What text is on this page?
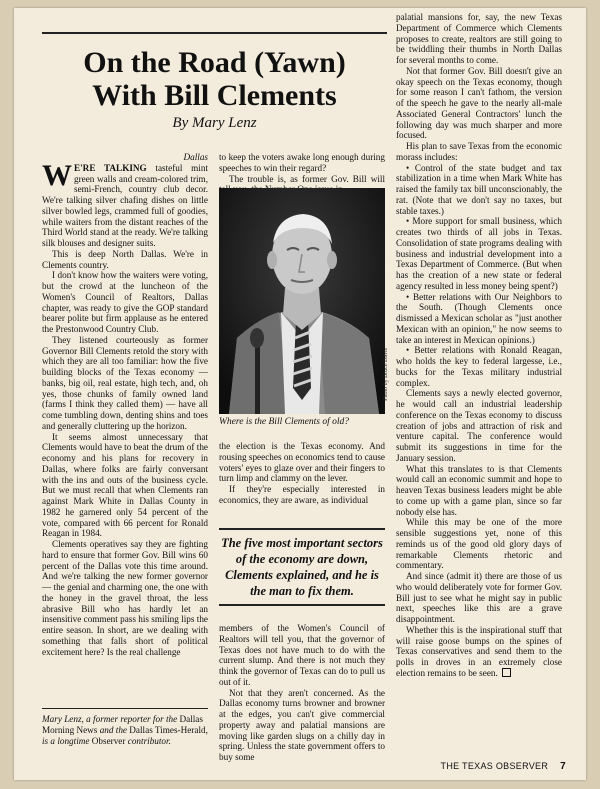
On the Road (Yawn)
With Bill Clements
By Mary Lenz

Dallas

W E'RE TALKING tasteful mint green walls and cream-colored trim, semi-French, country club decor. We're talking silver chafing dishes on little silver bowled legs, crammed full of goodies, while waiters from the distant reaches of the Third World stand at the ready. We're talking silk blouses and designer suits.

This is deep North Dallas. We're in Clements country.

I don't know how the waiters were voting, but the crowd at the luncheon of the Women's Council of Realtors, Dallas chapter, was ready to give the GOP standard bearer polite but firm applause as he entered the Prestonwood Country Club.

They listened courteously as former Governor Bill Clements retold the story with which they are all too familiar: how the five building blocks of the Texas economy — banks, big oil, real estate, high tech, and, oh yes, those chunks of family owned land (farms I think they called them) — have all come tumbling down, denting shins and toes and generally cluttering up the horizon.

It seems almost unnecessary that Clements would have to beat the drum of the economy and his plans for recovery in Dallas, where folks are fairly conversant with the ins and outs of the business cycle. But we must recall that when Clements ran against Mark White in Dallas County in 1982 he garnered only 54 percent of the vote, compared with 66 percent for Ronald Reagan in 1984.

Clements operatives say they are fighting hard to ensure that former Gov. Bill wins 60 percent of the Dallas vote this time around. And we're talking the new former governor — the genial and charming one, the one with the honey in the gravel throat, the less abrasive Bill who has hardly let an insensitive comment pass his smiling lips the entire season. In short, are we dealing with something that falls short of political excitement here? Is the real challenge

Mary Lenz, a former reporter for the Dallas Morning News and the Dallas Times-Herald, is a longtime Observer contributor.

to keep the voters awake long enough during speeches to win their regard?

The trouble is, as former Gov. Bill will

Photo by Bruce Davis
Where is the Bill Clements of old?

the election is the Texas economy. And rousing speeches on economics tend to cause voters' eyes to glaze over and their fingers to turn limp and clammy on the lever.

If they're especially interested in economics, they are aware, as individual

The five most important sectors of the economy are down, Clements explained, and he is the man to fix them.

members of the Women's Council of Realtors will tell you, that the governor of Texas does not have much to do with the current slump. And there is not much they think the governor of Texas can do to pull us out of it.

Not that they aren't concerned. As the Dallas economy turns browner and browner at the edges, you can't give commercial property away and palatial mansions are moving like garden slugs on a chilly day in spring. Unless the state government offers to buy some

palatial mansions for, say, the new Texas Department of Commerce which Clements proposes to create, realtors are still going to be twiddling their thumbs in North Dallas for several months to come.

Not that former Gov. Bill doesn't give an okay speech on the Texas economy, though for some reason I can't fathom, the version of the speech he gave to the nearly all-male Associated General Contractors' lunch the following day was much sharper and more focused.

His plan to save Texas from the economic morass includes:

• Control of the state budget and tax stabilization in a time when Mark White has raised the family tax bill unconscionably, the rat. (Note that we don't say no taxes, but stable taxes.)

• More support for small business, which creates two thirds of all jobs in Texas. Consolidation of state programs dealing with business and industrial development into a Texas Department of Commerce. (But when has the creation of a new state or federal agency resulted in less money being spent?)

• Better relations with Our Neighbors to the South. (Though Clements once dismissed a Mexican scholar as "just another Mexican with an opinion," he now seems to take an interest in Mexican opinions.)

• Better relations with Ronald Reagan, who holds the key to federal largesse, i.e., bucks for the Texas military industrial complex.

Clements says a newly elected governor, he would call an industrial leadership conference on the Texas economy to discuss creation of jobs and attraction of risk and venture capital. The conference would submit its suggestions in time for the January session.

What this translates to is that Clements would call an economic summit and hope to heaven Texas business leaders might be able to come up with a game plan, since so far nobody else has.

While this may be one of the more sensible suggestions yet, none of this reminds us of the good old glory days of remarkable Clements rhetoric and commentary.

And since (admit it) there are those of us who would deliberately vote for former Gov. Bill just to see what he might say in public next, speeches like this are a grave disappointment.

Whether this is the inspirational stuff that will raise goose bumps on the spines of Texas conservatives and send them to the polls in droves in an extremely close election remains to be seen.

THE TEXAS OBSERVER 7
